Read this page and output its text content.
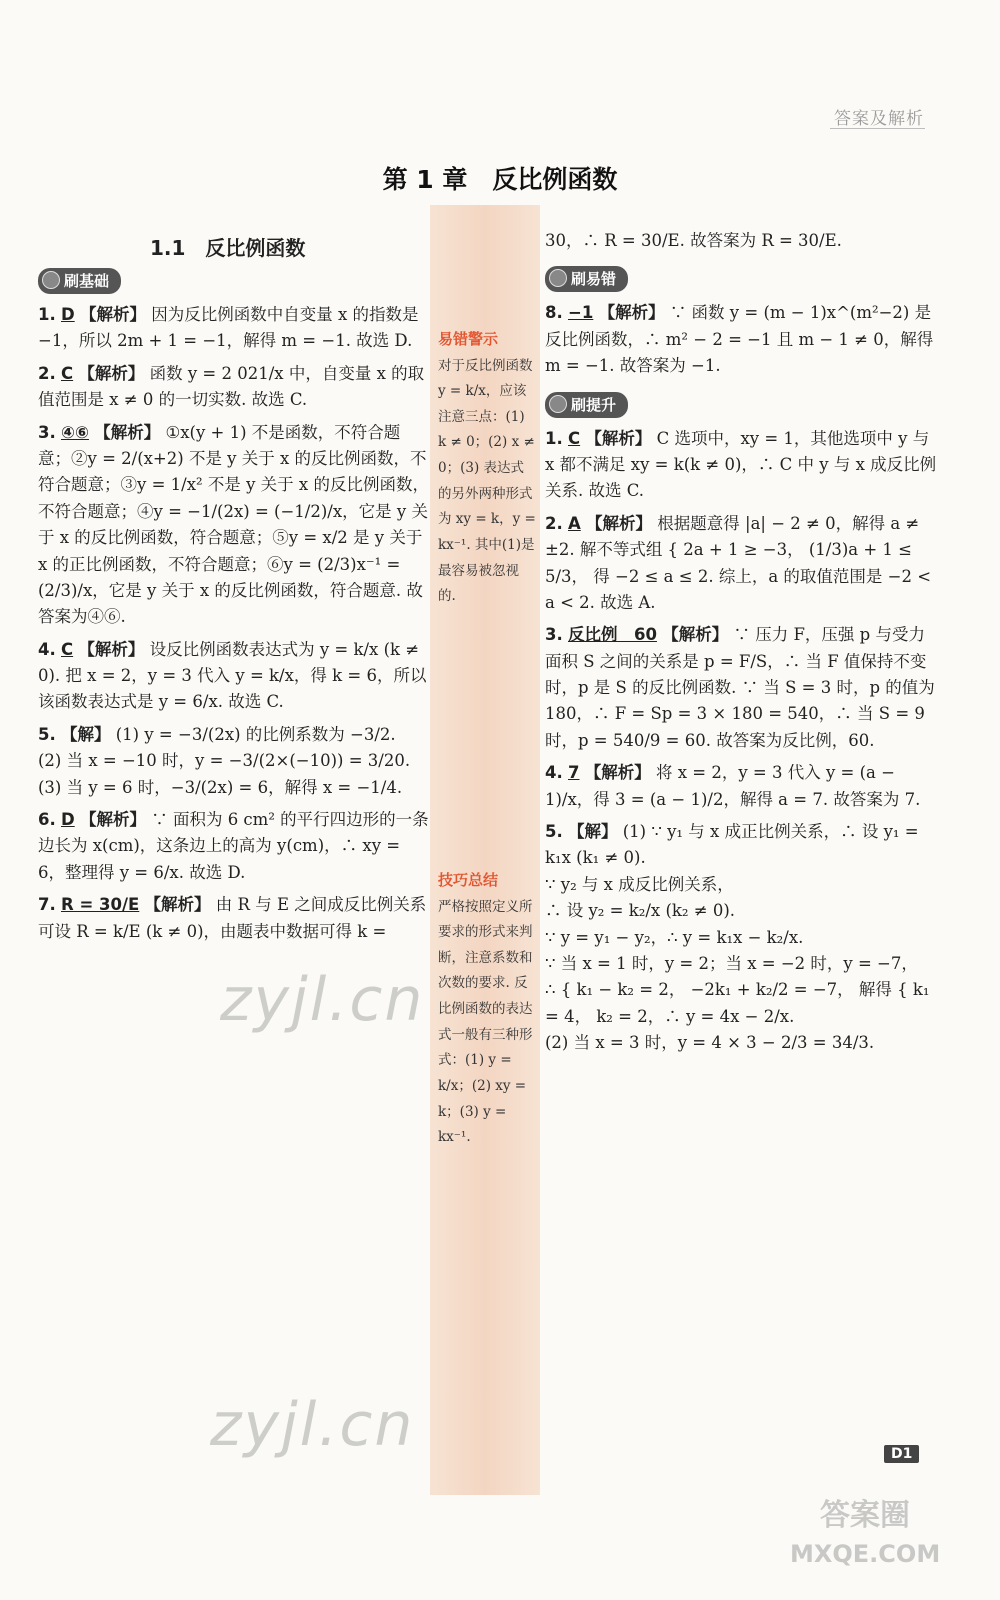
答案及解析
第 1 章　反比例函数
1.1　反比例函数
易错警示
对于反比例函数 y = k/x，应该注意三点：(1) k ≠ 0；(2) x ≠ 0；(3) 表达式的另外两种形式为 xy = k，y = kx⁻¹. 其中(1)是最容易被忽视的.
技巧总结
严格按照定义所要求的形式来判断，注意系数和次数的要求. 反比例函数的表达式一般有三种形式：(1) y = k/x；(2) xy = k；(3) y = kx⁻¹.
刷基础
1. D 【解析】 因为反比例函数中自变量 x 的指数是 −1，所以 2m + 1 = −1，解得 m = −1. 故选 D.
2. C 【解析】 函数 y = 2 021/x 中，自变量 x 的取值范围是 x ≠ 0 的一切实数. 故选 C.
3. ④⑥ 【解析】 ①x(y + 1) 不是函数，不符合题意；②y = 2/(x+2) 不是 y 关于 x 的反比例函数，不符合题意；③y = 1/x² 不是 y 关于 x 的反比例函数，不符合题意；④y = −1/(2x) = (−1/2)/x，它是 y 关于 x 的反比例函数，符合题意；⑤y = x/2 是 y 关于 x 的正比例函数，不符合题意；⑥y = (2/3)x⁻¹ = (2/3)/x，它是 y 关于 x 的反比例函数，符合题意. 故答案为④⑥.
4. C 【解析】 设反比例函数表达式为 y = k/x (k ≠ 0). 把 x = 2，y = 3 代入 y = k/x，得 k = 6，所以该函数表达式是 y = 6/x. 故选 C.
5. 【解】 (1) y = −3/(2x) 的比例系数为 −3/2.
(2) 当 x = −10 时，y = −3/(2×(−10)) = 3/20.
(3) 当 y = 6 时，−3/(2x) = 6，解得 x = −1/4.
6. D 【解析】 ∵ 面积为 6 cm² 的平行四边形的一条边长为 x(cm)，这条边上的高为 y(cm)，∴ xy = 6，整理得 y = 6/x. 故选 D.
7. R = 30/E 【解析】 由 R 与 E 之间成反比例关系可设 R = k/E (k ≠ 0)，由题表中数据可得 k =
30，∴ R = 30/E. 故答案为 R = 30/E.
刷易错
8. −1 【解析】 ∵ 函数 y = (m − 1)x^(m²−2) 是反比例函数，∴ m² − 2 = −1 且 m − 1 ≠ 0，解得 m = −1. 故答案为 −1.
刷提升
1. C 【解析】 C 选项中，xy = 1，其他选项中 y 与 x 都不满足 xy = k(k ≠ 0)，∴ C 中 y 与 x 成反比例关系. 故选 C.
2. A 【解析】 根据题意得 |a| − 2 ≠ 0，解得 a ≠ ±2. 解不等式组 { 2a + 1 ≥ −3， (1/3)a + 1 ≤ 5/3， 得 −2 ≤ a ≤ 2. 综上，a 的取值范围是 −2 < a < 2. 故选 A.
3. 反比例　60 【解析】 ∵ 压力 F，压强 p 与受力面积 S 之间的关系是 p = F/S，∴ 当 F 值保持不变时，p 是 S 的反比例函数. ∵ 当 S = 3 时，p 的值为 180，∴ F = Sp = 3 × 180 = 540，∴ 当 S = 9 时，p = 540/9 = 60. 故答案为反比例，60.
4. 7 【解析】 将 x = 2，y = 3 代入 y = (a − 1)/x，得 3 = (a − 1)/2，解得 a = 7. 故答案为 7.
5. 【解】 (1) ∵ y₁ 与 x 成正比例关系，∴ 设 y₁ = k₁x (k₁ ≠ 0).
∵ y₂ 与 x 成反比例关系，
∴ 设 y₂ = k₂/x (k₂ ≠ 0).
∵ y = y₁ − y₂，∴ y = k₁x − k₂/x.
∵ 当 x = 1 时，y = 2；当 x = −2 时，y = −7，
∴ { k₁ − k₂ = 2， −2k₁ + k₂/2 = −7， 解得 { k₁ = 4， k₂ = 2，∴ y = 4x − 2/x.
(2) 当 x = 3 时，y = 4 × 3 − 2/3 = 34/3.
D1
zyjl.cn
zyjl.cn
答案圈
MXQE.COM
